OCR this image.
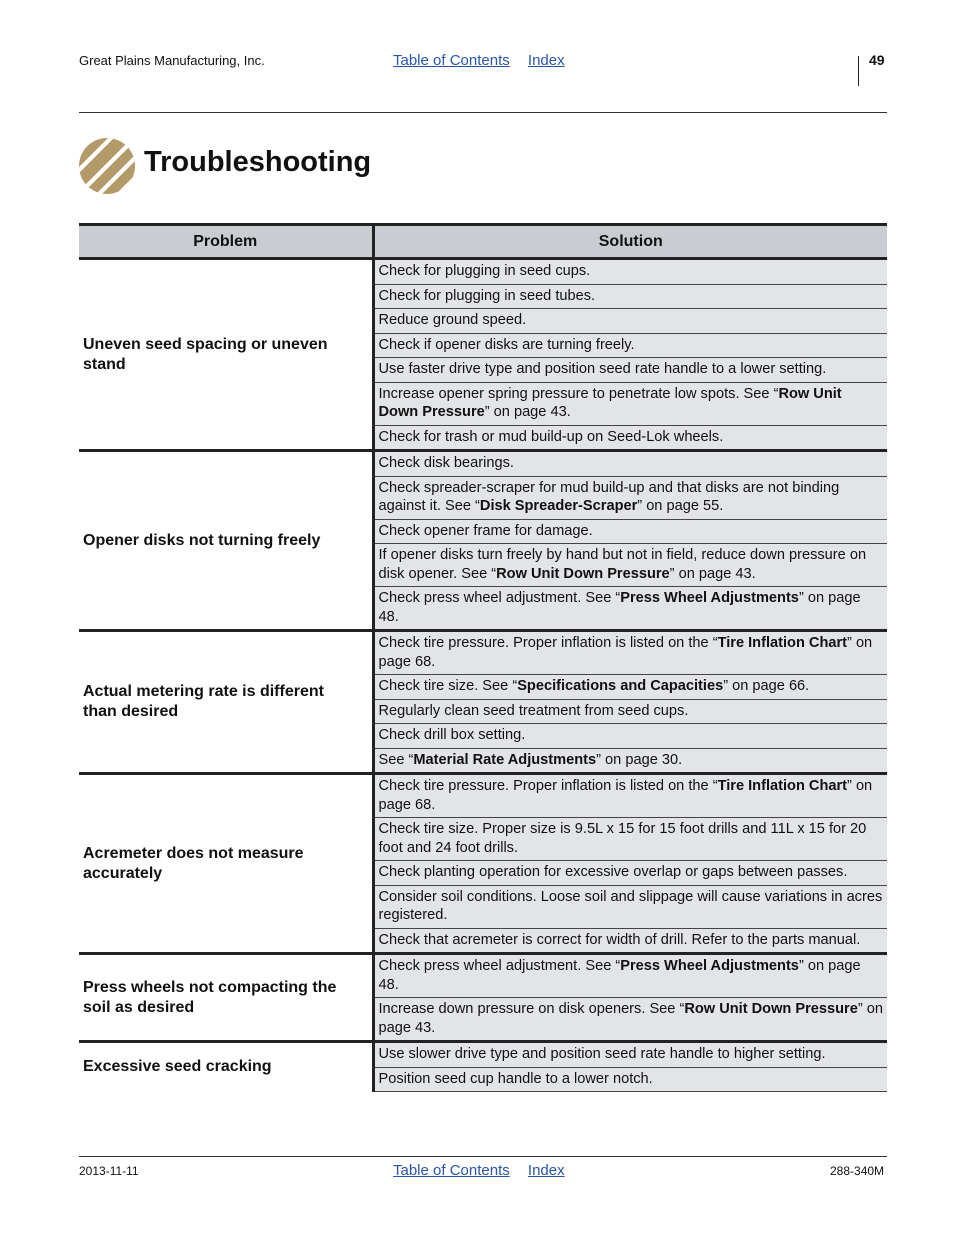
Great Plains Manufacturing, Inc.	Table of Contents Index	49
Troubleshooting
Problem	Solution
Uneven seed spacing or uneven stand	Check for plugging in seed cups.
	Check for plugging in seed tubes.
	Reduce ground speed.
	Check if opener disks are turning freely.
	Use faster drive type and position seed rate handle to a lower setting.
	Increase opener spring pressure to penetrate low spots. See “Row Unit Down Pressure” on page 43.
	Check for trash or mud build-up on Seed-Lok wheels.
Opener disks not turning freely	Check disk bearings.
	Check spreader-scraper for mud build-up and that disks are not binding against it. See “Disk Spreader-Scraper” on page 55.
	Check opener frame for damage.
	If opener disks turn freely by hand but not in field, reduce down pressure on disk opener. See “Row Unit Down Pressure” on page 43.
	Check press wheel adjustment. See “Press Wheel Adjustments” on page 48.
Actual metering rate is different than desired	Check tire pressure. Proper inflation is listed on the “Tire Inflation Chart” on page 68.
	Check tire size. See “Specifications and Capacities” on page 66.
	Regularly clean seed treatment from seed cups.
	Check drill box setting.
	See “Material Rate Adjustments” on page 30.
Acremeter does not measure accurately	Check tire pressure. Proper inflation is listed on the “Tire Inflation Chart” on page 68.
	Check tire size. Proper size is 9.5L x 15 for 15 foot drills and 11L x 15 for 20 foot and 24 foot drills.
	Check planting operation for excessive overlap or gaps between passes.
	Consider soil conditions. Loose soil and slippage will cause variations in acres registered.
	Check that acremeter is correct for width of drill. Refer to the parts manual.
Press wheels not compacting the soil as desired	Check press wheel adjustment. See “Press Wheel Adjustments” on page 48.
	Increase down pressure on disk openers. See “Row Unit Down Pressure” on page 43.
Excessive seed cracking	Use slower drive type and position seed rate handle to higher setting.
	Position seed cup handle to a lower notch.
2013-11-11	Table of Contents Index	288-340M
